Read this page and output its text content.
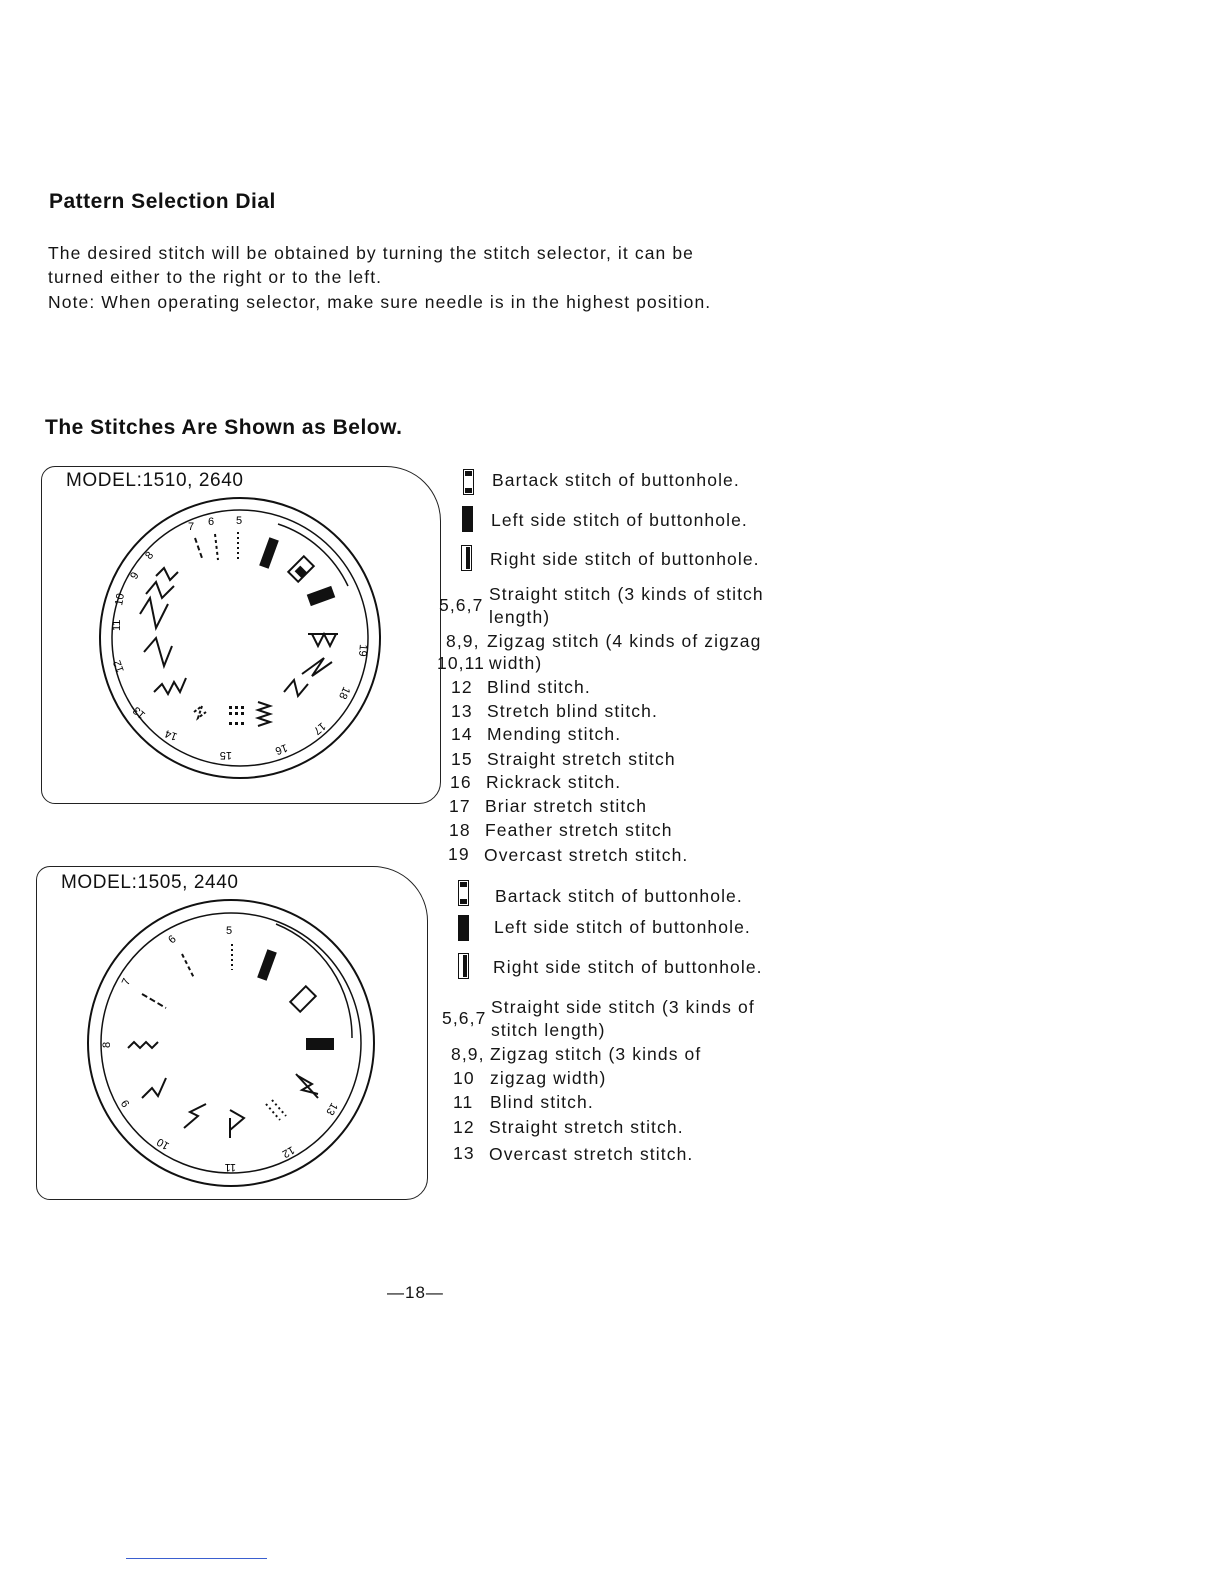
Pattern Selection Dial
The desired stitch will be obtained by turning the stitch selector, it can be
turned either to the right or to the left.
Note: When operating selector, make sure needle is in the highest position.
The Stitches Are Shown as Below.
MODEL:1510, 2640
7 6 5
8
9
10
11
12
13
14
15	16
17
18
19
Bartack stitch of buttonhole.
Left side stitch of buttonhole.
Right side stitch of buttonhole.
5,6,7
Straight stitch (3 kinds of stitch
length)
8,9, Zigzag stitch (4 kinds of zigzag
10,11 width)
12 Blind stitch.
13 Stretch blind stitch.
14 Mending stitch.
15 Straight stretch stitch
16 Rickrack stitch.
17 Briar stretch stitch
18 Feather stretch stitch
19 Overcast stretch stitch.
MODEL:1505, 2440
5
6
7
8
9
10
11
12
13
Bartack stitch of buttonhole.
Left side stitch of buttonhole.
Right side stitch of buttonhole.
5,6,7
Straight side stitch (3 kinds of
stitch length)
8,9, Zigzag stitch (3 kinds of
10 zigzag width)
11 Blind stitch.
12 Straight stretch stitch.
13 Overcast stretch stitch.
—18—
